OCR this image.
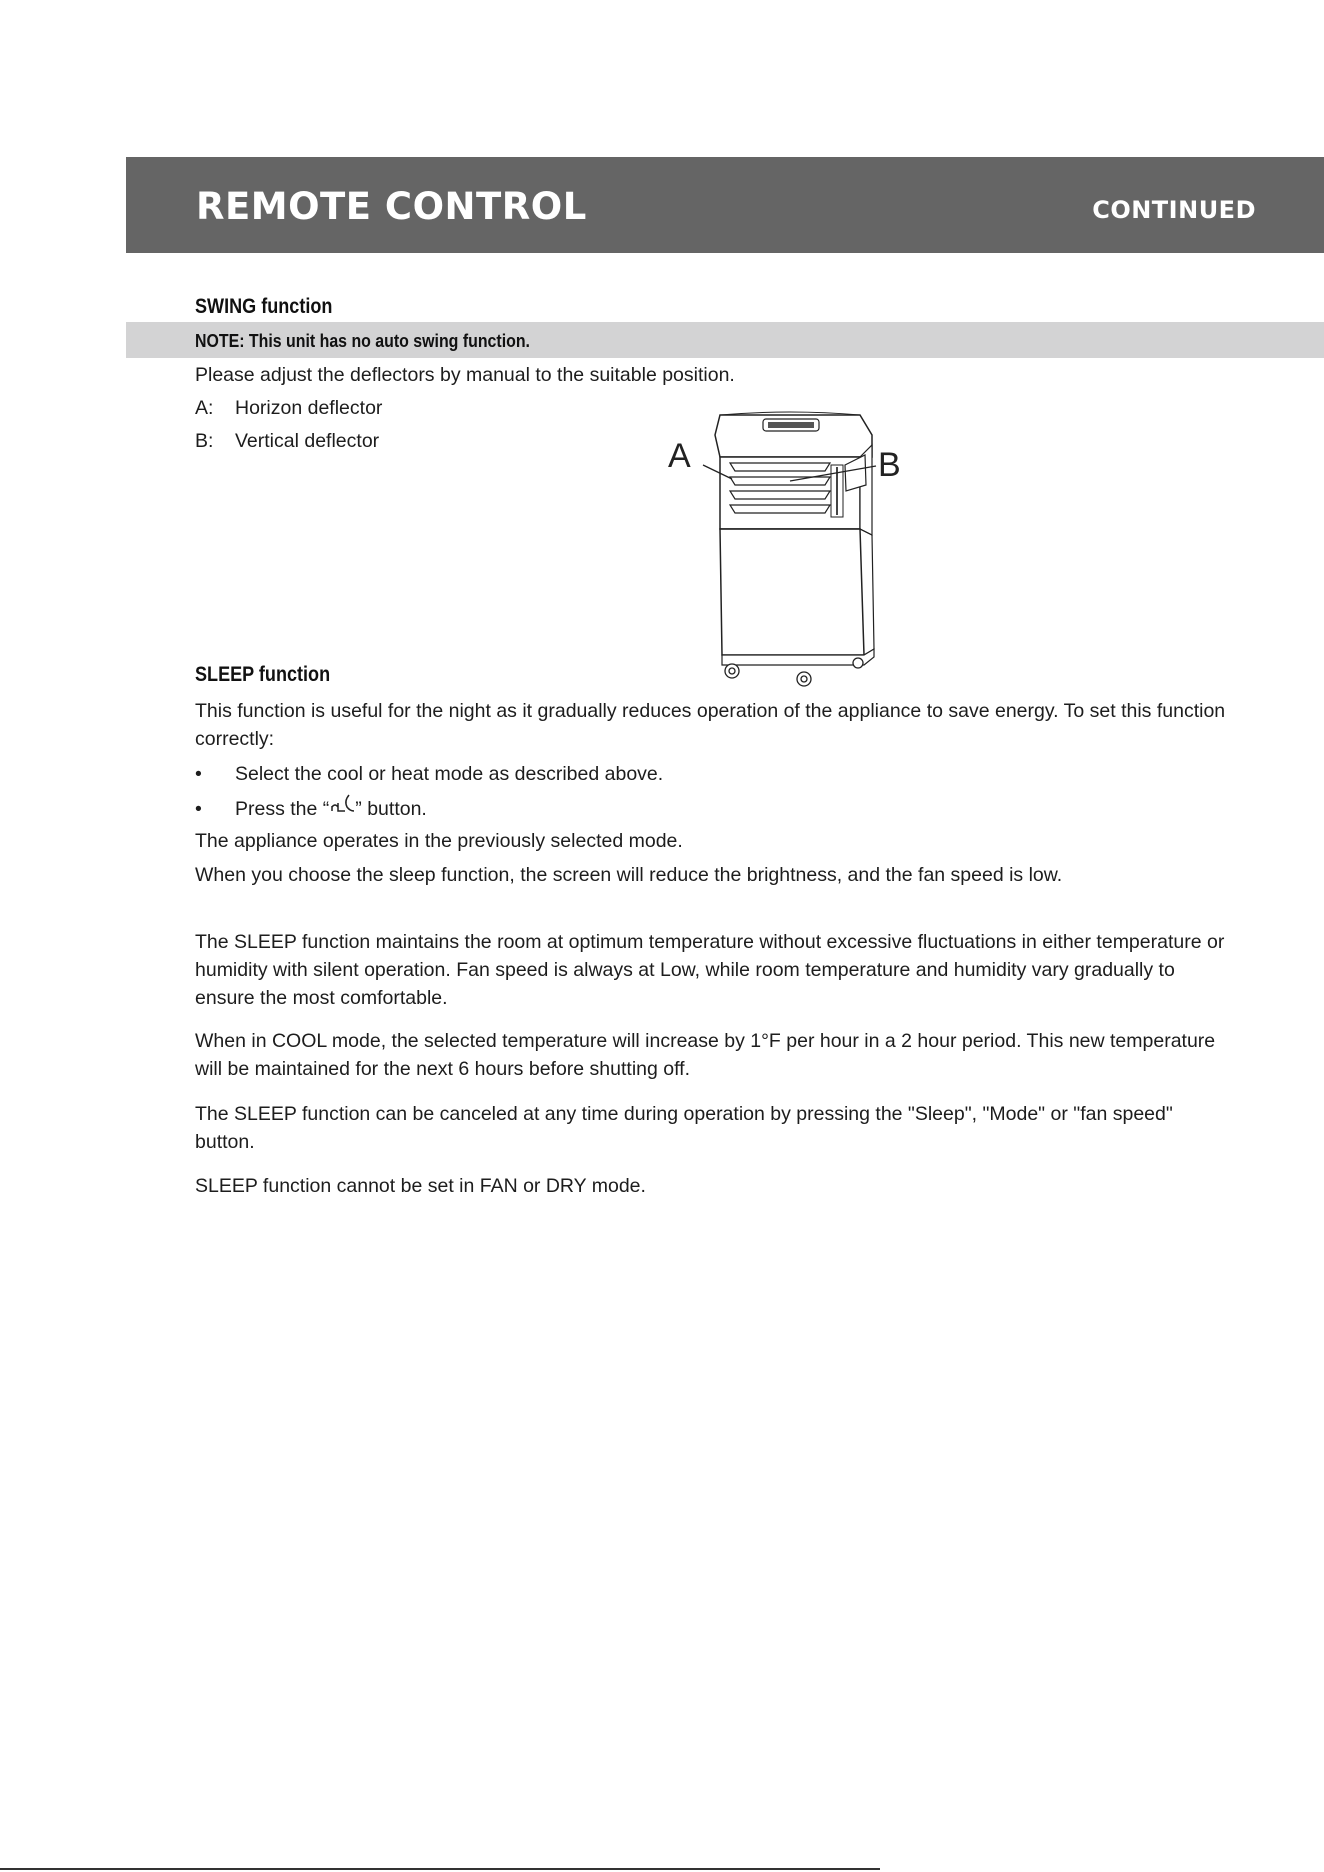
REMOTE CONTROL	CONTINUED
SWING function
NOTE: This unit has no auto swing function.

Please adjust the deflectors by manual to the suitable position.

A: Horizon deflector

B: Vertical deflector	A	B
SLEEP function

This function is useful for the night as it gradually reduces operation of the appliance to save energy. To set this function correctly:

• Select the cool or heat mode as described above.

• Press the “ ” button.

The appliance operates in the previously selected mode.

When you choose the sleep function, the screen will reduce the brightness, and the fan speed is low.

The SLEEP function maintains the room at optimum temperature without excessive fluctuations in either temperature or humidity with silent operation. Fan speed is always at Low, while room temperature and humidity vary gradually to ensure the most comfortable.

When in COOL mode, the selected temperature will increase by 1°F per hour in a 2 hour period. This new temperature will be maintained for the next 6 hours before shutting off.

The SLEEP function can be canceled at any time during operation by pressing the "Sleep", "Mode" or "fan speed" button.

SLEEP function cannot be set in FAN or DRY mode.
